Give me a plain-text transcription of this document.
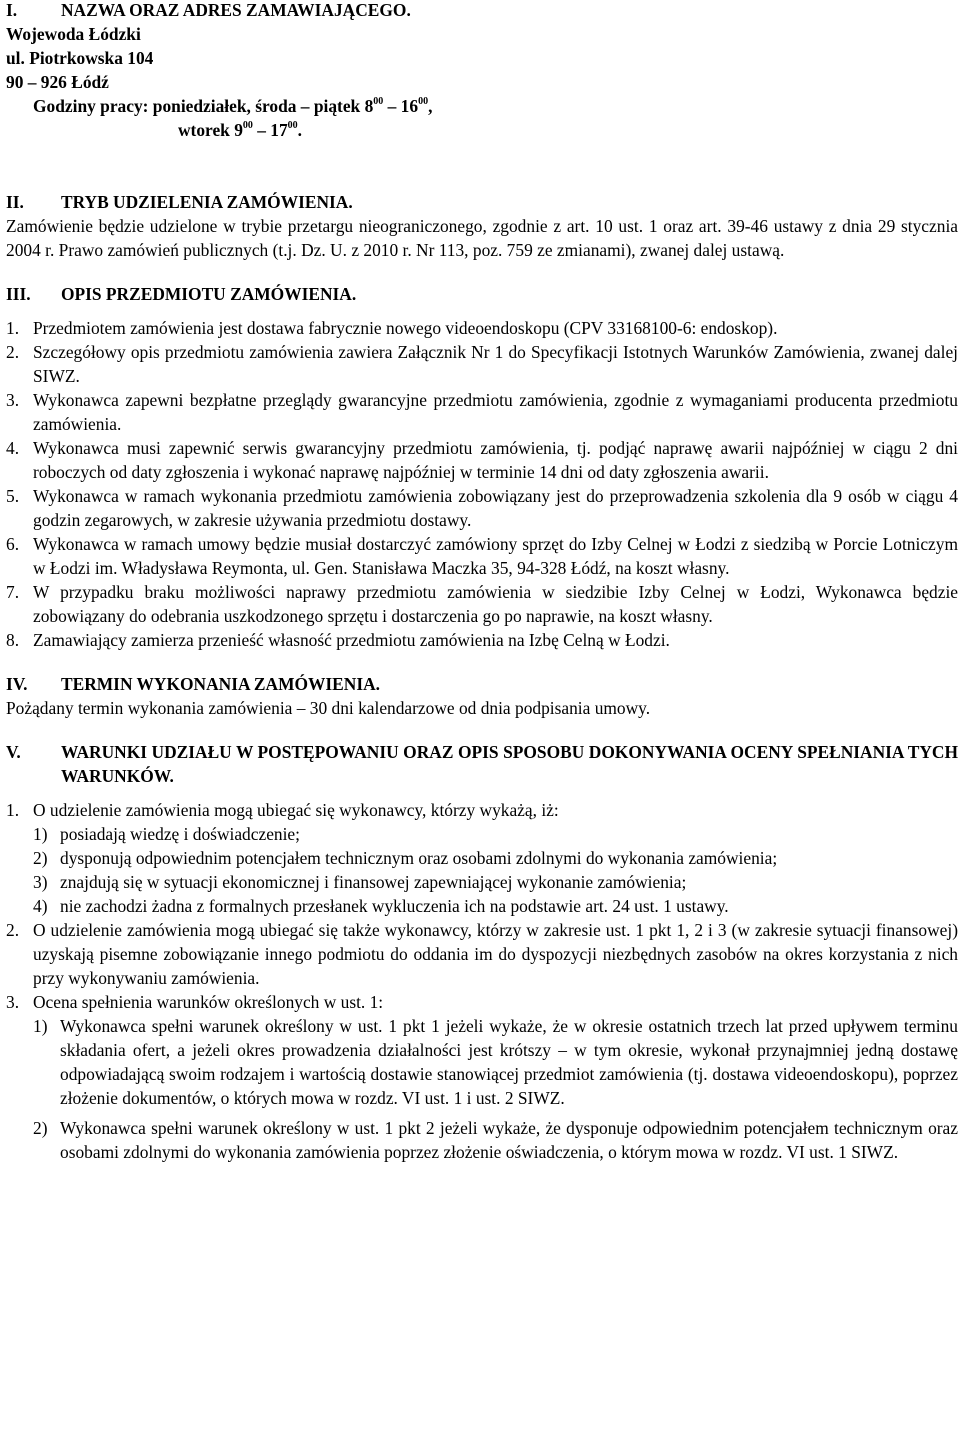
I.	NAZWA ORAZ ADRES ZAMAWIAJĄCEGO.
Wojewoda Łódzki
ul. Piotrkowska 104
90 – 926 Łódź
Godziny pracy: poniedziałek, środa – piątek $8^{00} - 16^{00}$,
wtorek $9^{00} - 17^{00}$.
II.	TRYB UDZIELENIA ZAMÓWIENIA.
Zamówienie będzie udzielone w trybie przetargu nieograniczonego, zgodnie z art. 10 ust. 1 oraz art. 39-46 ustawy z dnia 29 stycznia 2004 r. Prawo zamówień publicznych (t.j. Dz. U. z 2010 r. Nr 113, poz. 759 ze zmianami), zwanej dalej ustawą.
III.	OPIS PRZEDMIOTU ZAMÓWIENIA.
1. Przedmiotem zamówienia jest dostawa fabrycznie nowego videoendoskopu (CPV 33168100-6: endoskop).
2. Szczegółowy opis przedmiotu zamówienia zawiera Załącznik Nr 1 do Specyfikacji Istotnych Warunków Zamówienia, zwanej dalej SIWZ.
3. Wykonawca zapewni bezpłatne przeglądy gwarancyjne przedmiotu zamówienia, zgodnie z wymaganiami producenta przedmiotu zamówienia.
4. Wykonawca musi zapewnić serwis gwarancyjny przedmiotu zamówienia, tj. podjąć naprawę awarii najpóźniej w ciągu 2 dni roboczych od daty zgłoszenia i wykonać naprawę najpóźniej w terminie 14 dni od daty zgłoszenia awarii.
5. Wykonawca w ramach wykonania przedmiotu zamówienia zobowiązany jest do przeprowadzenia szkolenia dla 9 osób w ciągu 4 godzin zegarowych, w zakresie używania przedmiotu dostawy.
6. Wykonawca w ramach umowy będzie musiał dostarczyć zamówiony sprzęt do Izby Celnej w Łodzi z siedzibą w Porcie Lotniczym w Łodzi im. Władysława Reymonta, ul. Gen. Stanisława Maczka 35, 94-328 Łódź, na koszt własny.
7. W przypadku braku możliwości naprawy przedmiotu zamówienia w siedzibie Izby Celnej w Łodzi, Wykonawca będzie zobowiązany do odebrania uszkodzonego sprzętu i dostarczenia go po naprawie, na koszt własny.
8. Zamawiający zamierza przenieść własność przedmiotu zamówienia na Izbę Celną w Łodzi.
IV.	TERMIN WYKONANIA ZAMÓWIENIA.
Pożądany termin wykonania zamówienia – 30 dni kalendarzowe od dnia podpisania umowy.
V.	WARUNKI UDZIAŁU W POSTĘPOWANIU ORAZ OPIS SPOSOBU DOKONYWANIA OCENY SPEŁNIANIA TYCH WARUNKÓW.
1. O udzielenie zamówienia mogą ubiegać się wykonawcy, którzy wykażą, iż:
1) posiadają wiedzę i doświadczenie;
2) dysponują odpowiednim potencjałem technicznym oraz osobami zdolnymi do wykonania zamówienia;
3) znajdują się w sytuacji ekonomicznej i finansowej zapewniającej wykonanie zamówienia;
4) nie zachodzi żadna z formalnych przesłanek wykluczenia ich na podstawie art. 24 ust. 1 ustawy.
2. O udzielenie zamówienia mogą ubiegać się także wykonawcy, którzy w zakresie ust. 1 pkt 1, 2 i 3 (w zakresie sytuacji finansowej) uzyskają pisemne zobowiązanie innego podmiotu do oddania im do dyspozycji niezbędnych zasobów na okres korzystania z nich przy wykonywaniu zamówienia.
3. Ocena spełnienia warunków określonych w ust. 1:
1) Wykonawca spełni warunek określony w ust. 1 pkt 1 jeżeli wykaże, że w okresie ostatnich trzech lat przed upływem terminu składania ofert, a jeżeli okres prowadzenia działalności jest krótszy – w tym okresie, wykonał przynajmniej jedną dostawę odpowiadającą swoim rodzajem i wartością dostawie stanowiącej przedmiot zamówienia (tj. dostawa videoendoskopu), poprzez złożenie dokumentów, o których mowa w rozdz. VI ust. 1 i ust. 2 SIWZ.
2) Wykonawca spełni warunek określony w ust. 1 pkt 2 jeżeli wykaże, że dysponuje odpowiednim potencjałem technicznym oraz osobami zdolnymi do wykonania zamówienia poprzez złożenie oświadczenia, o którym mowa w rozdz. VI ust. 1 SIWZ.
